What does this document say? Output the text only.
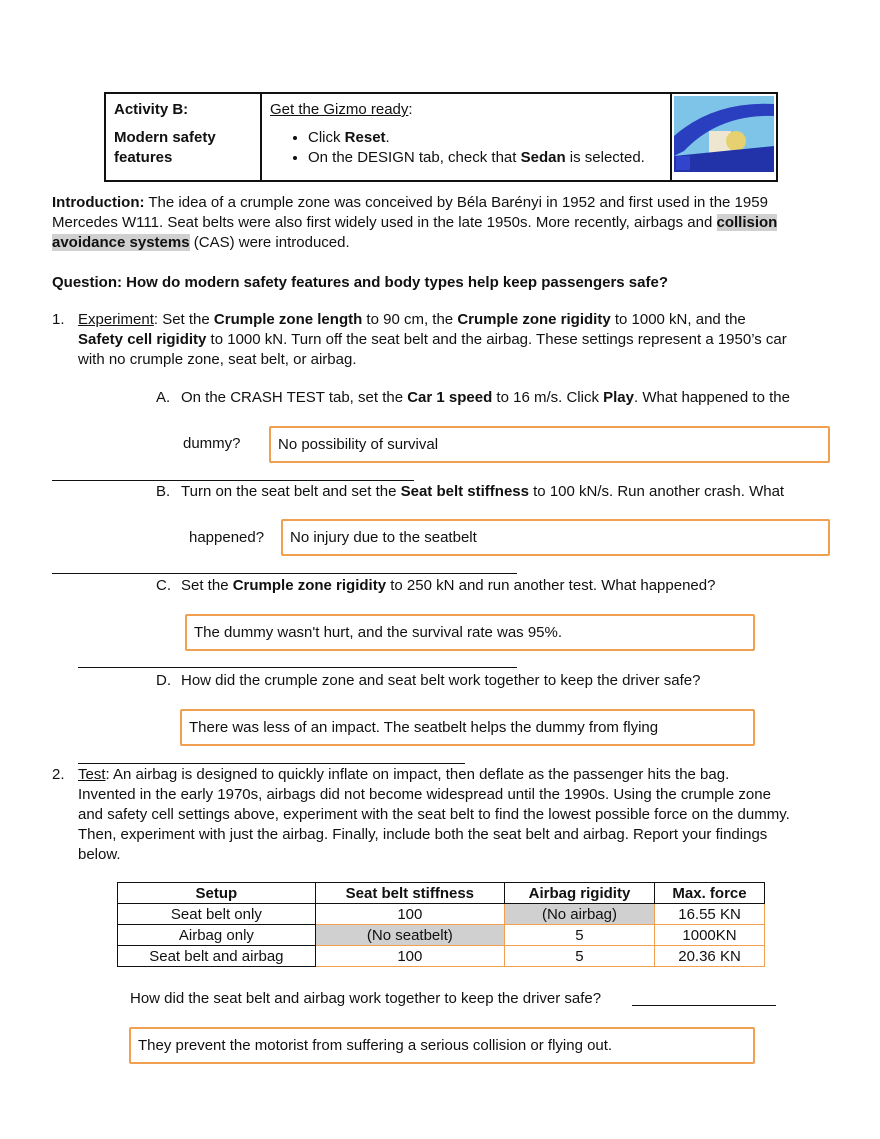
Activity B:
Modern safety features

Get the Gizmo ready:
• Click Reset.
• On the DESIGN tab, check that Sedan is selected.

Introduction: The idea of a crumple zone was conceived by Béla Barényi in 1952 and first used in the 1959
Mercedes W111. Seat belts were also first widely used in the late 1950s. More recently, airbags and collision
avoidance systems (CAS) were introduced.
Question: How do modern safety features and body types help keep passengers safe?
1. Experiment: Set the Crumple zone length to 90 cm, the Crumple zone rigidity to 1000 kN, and the
Safety cell rigidity to 1000 kN. Turn off the seat belt and the airbag. These settings represent a 1950’s car
with no crumple zone, seat belt, or airbag.
A. On the CRASH TEST tab, set the Car 1 speed to 16 m/s. Click Play. What happened to the
dummy?	No possibility of survival
B. Turn on the seat belt and set the Seat belt stiffness to 100 kN/s. Run another crash. What
happened?	No injury due to the seatbelt
C. Set the Crumple zone rigidity to 250 kN and run another test. What happened?
The dummy wasn't hurt, and the survival rate was 95%.
D. How did the crumple zone and seat belt work together to keep the driver safe?
There was less of an impact. The seatbelt helps the dummy from flying
2. Test: An airbag is designed to quickly inflate on impact, then deflate as the passenger hits the bag.
Invented in the early 1970s, airbags did not become widespread until the 1990s. Using the crumple zone
and safety cell settings above, experiment with the seat belt to find the lowest possible force on the dummy.
Then, experiment with just the airbag. Finally, include both the seat belt and airbag. Report your findings
below.
Setup	Seat belt stiffness	Airbag rigidity	Max. force
Seat belt only	100	(No airbag)	16.55 KN
Airbag only	(No seatbelt)	5	1000KN
Seat belt and airbag	100	5	20.36 KN
How did the seat belt and airbag work together to keep the driver safe?
They prevent the motorist from suffering a serious collision or flying out.
